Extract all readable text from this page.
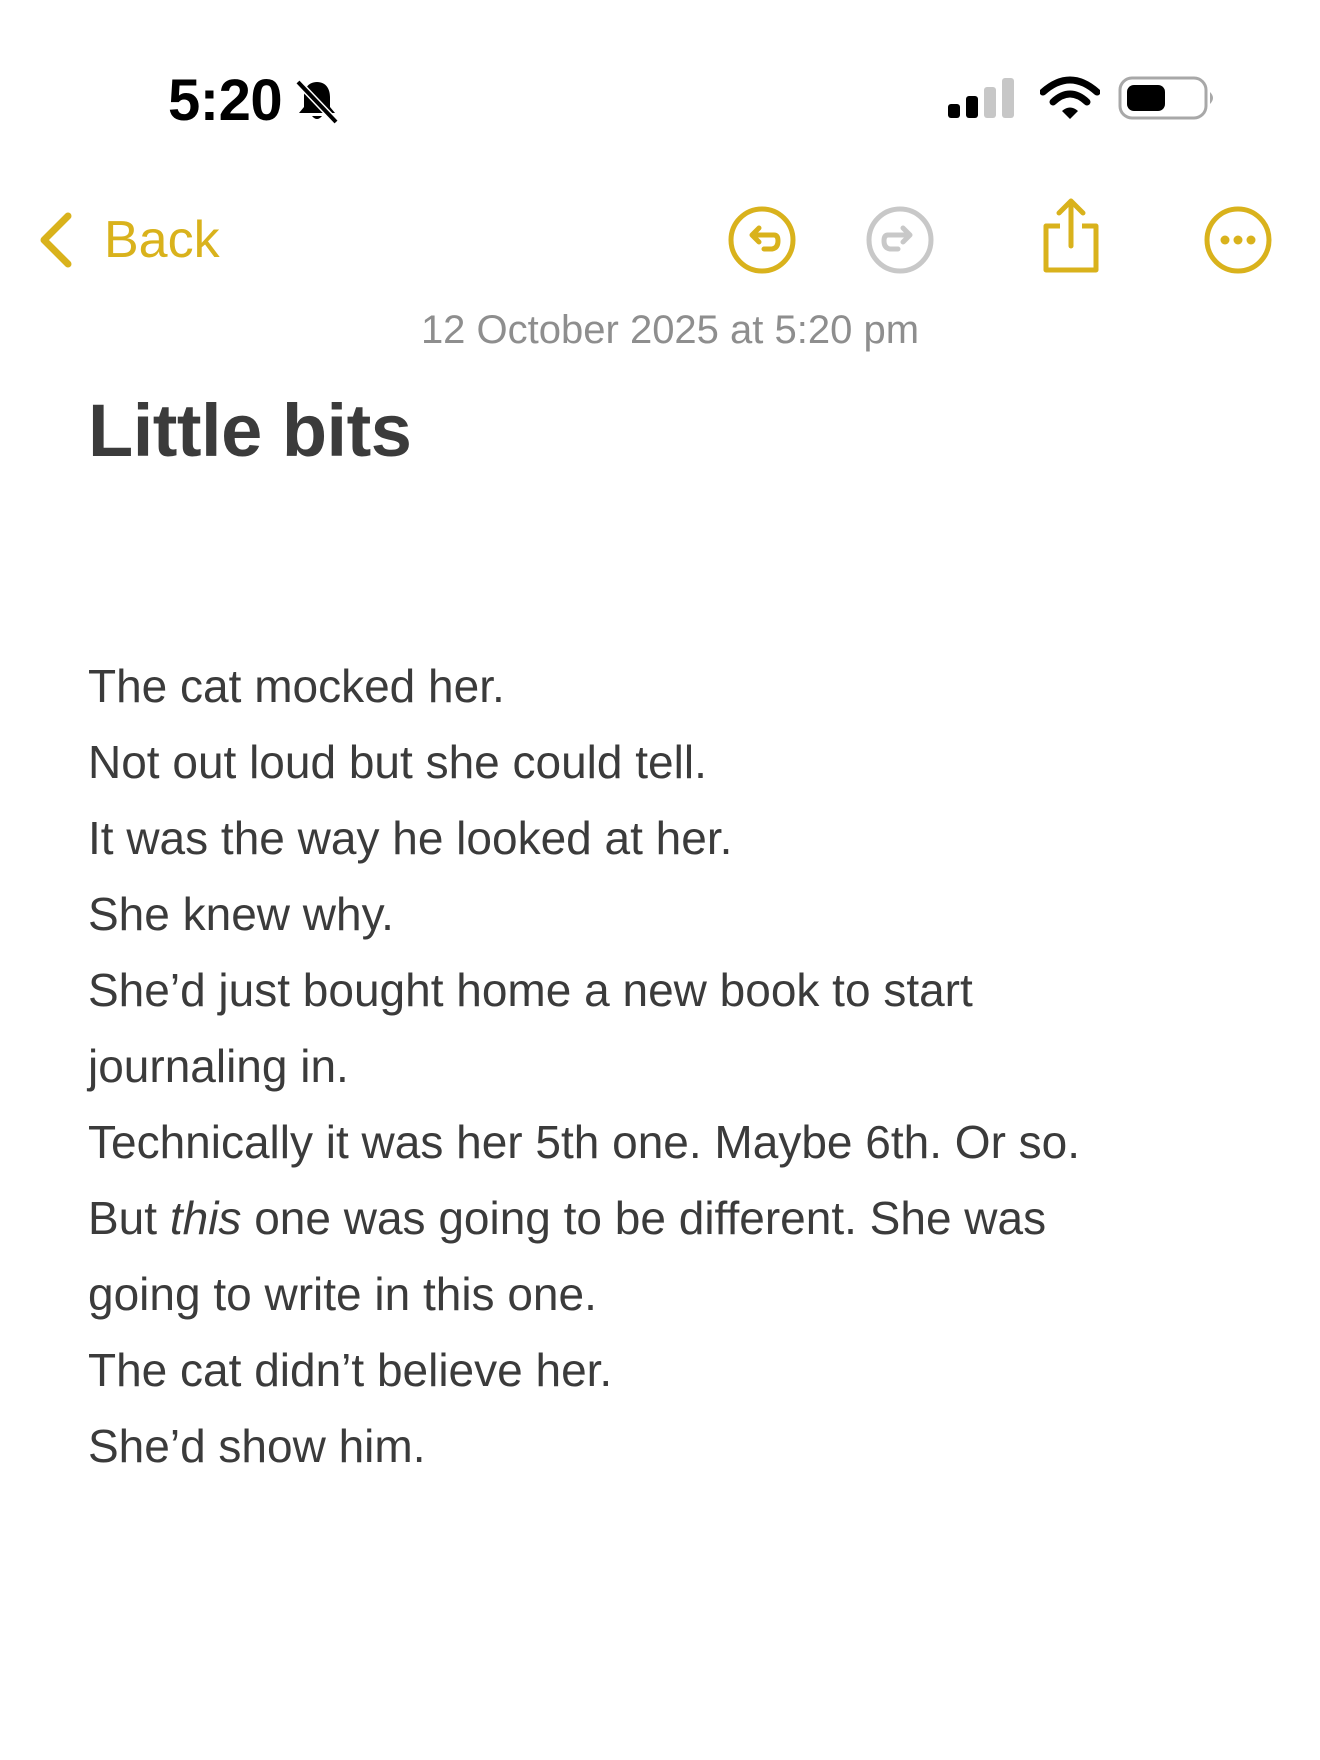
5:20
Back
12 October 2025 at 5:20 pm
Little bits
The cat mocked her.
Not out loud but she could tell.
It was the way he looked at her.
She knew why.
She’d just bought home a new book to start
journaling in.
Technically it was her 5th one. Maybe 6th. Or so.
But this one was going to be different. She was
going to write in this one.
The cat didn’t believe her.
She’d show him.
